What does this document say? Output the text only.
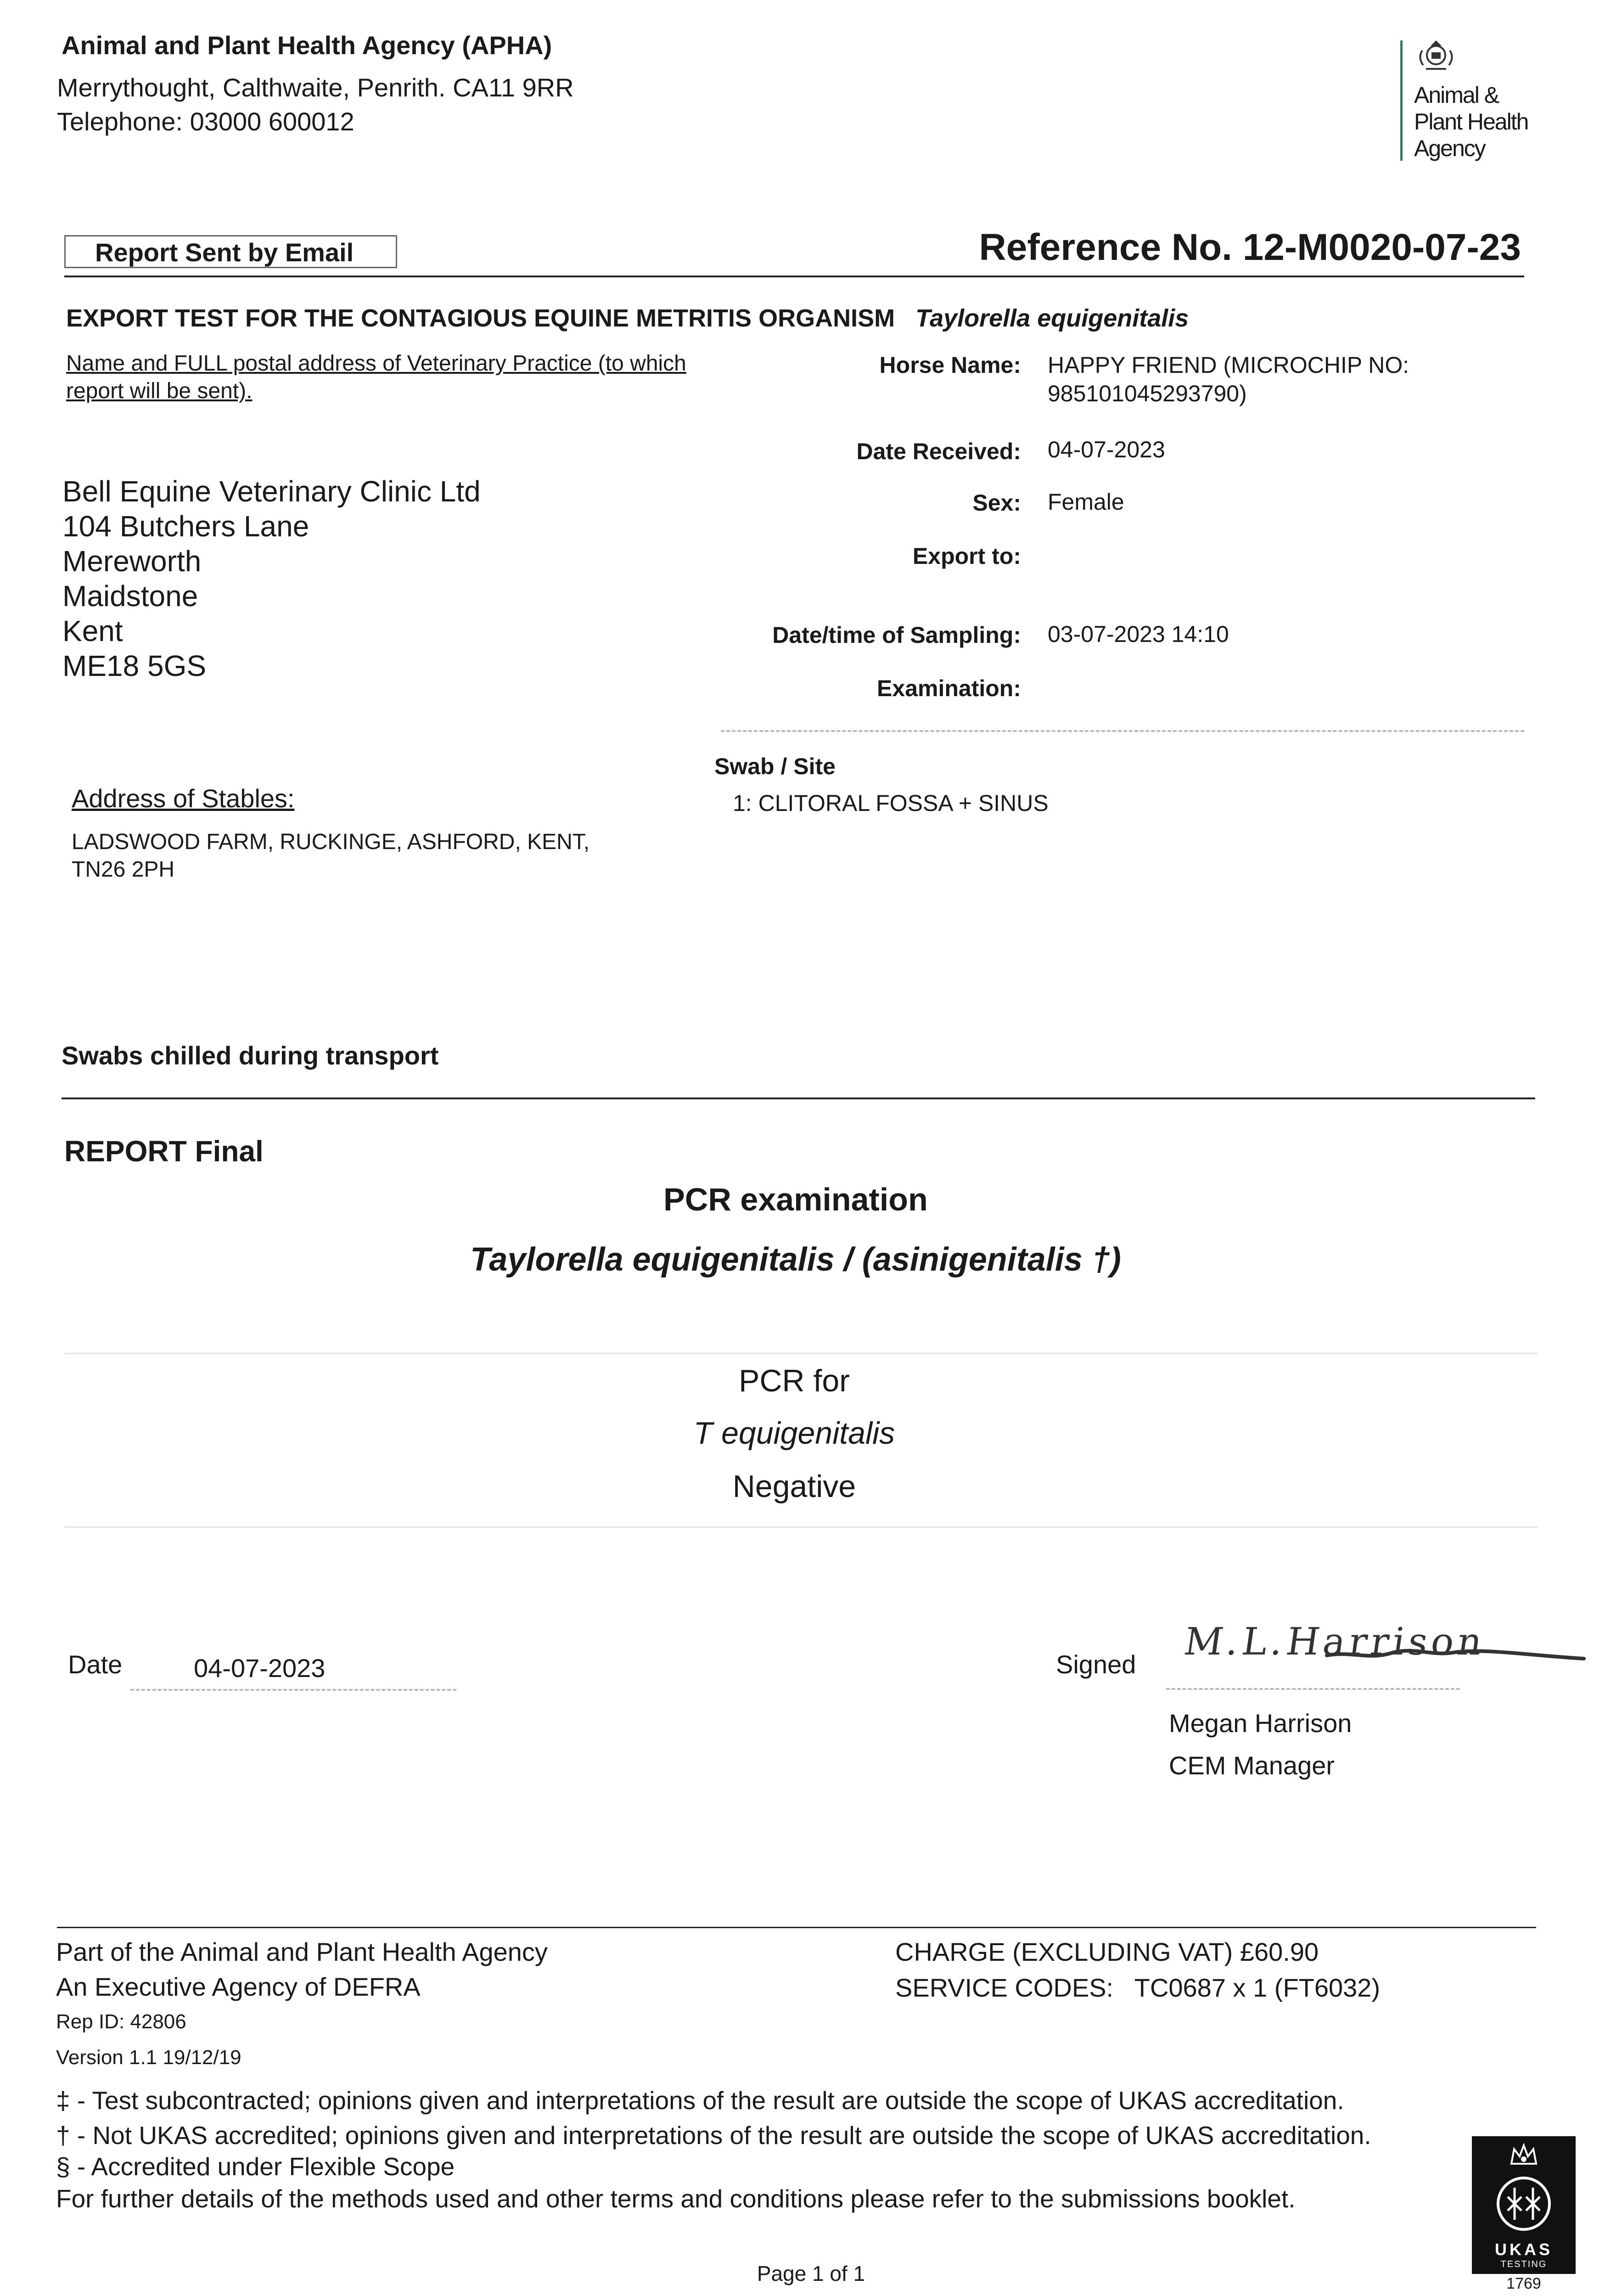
Animal and Plant Health Agency (APHA)
Merrythought, Calthwaite, Penrith. CA11 9RR
Telephone: 03000 600012
Animal &
Plant Health
Agency
Report Sent by Email	Reference No. 12-M0020-07-23
EXPORT TEST FOR THE CONTAGIOUS EQUINE METRITIS ORGANISM Taylorella equigenitalis
Name and FULL postal address of Veterinary Practice (to which
report will be sent).
Bell Equine Veterinary Clinic Ltd
104 Butchers Lane
Mereworth
Maidstone
Kent
ME18 5GS
Horse Name: HAPPY FRIEND (MICROCHIP NO:
985101045293790)
Date Received: 04-07-2023
Sex: Female
Export to:
Date/time of Sampling: 03-07-2023 14:10
Examination:
Address of Stables:
LADSWOOD FARM, RUCKINGE, ASHFORD, KENT,
TN26 2PH
Swab / Site
1: CLITORAL FOSSA + SINUS
Swabs chilled during transport
REPORT Final
PCR examination
Taylorella equigenitalis / (asinigenitalis †)
PCR for
T equigenitalis
Negative
Date	04-07-2023	Signed
M.L.Harrison
Megan Harrison
CEM Manager
Part of the Animal and Plant Health Agency
An Executive Agency of DEFRA
Rep ID: 42806
Version 1.1 19/12/19
CHARGE (EXCLUDING VAT) £60.90
SERVICE CODES:   TC0687 x 1 (FT6032)
‡ - Test subcontracted; opinions given and interpretations of the result are outside the scope of UKAS accreditation.
† - Not UKAS accredited; opinions given and interpretations of the result are outside the scope of UKAS accreditation.
§ - Accredited under Flexible Scope
For further details of the methods used and other terms and conditions please refer to the submissions booklet.
Page 1 of 1
UKAS
TESTING
1769
